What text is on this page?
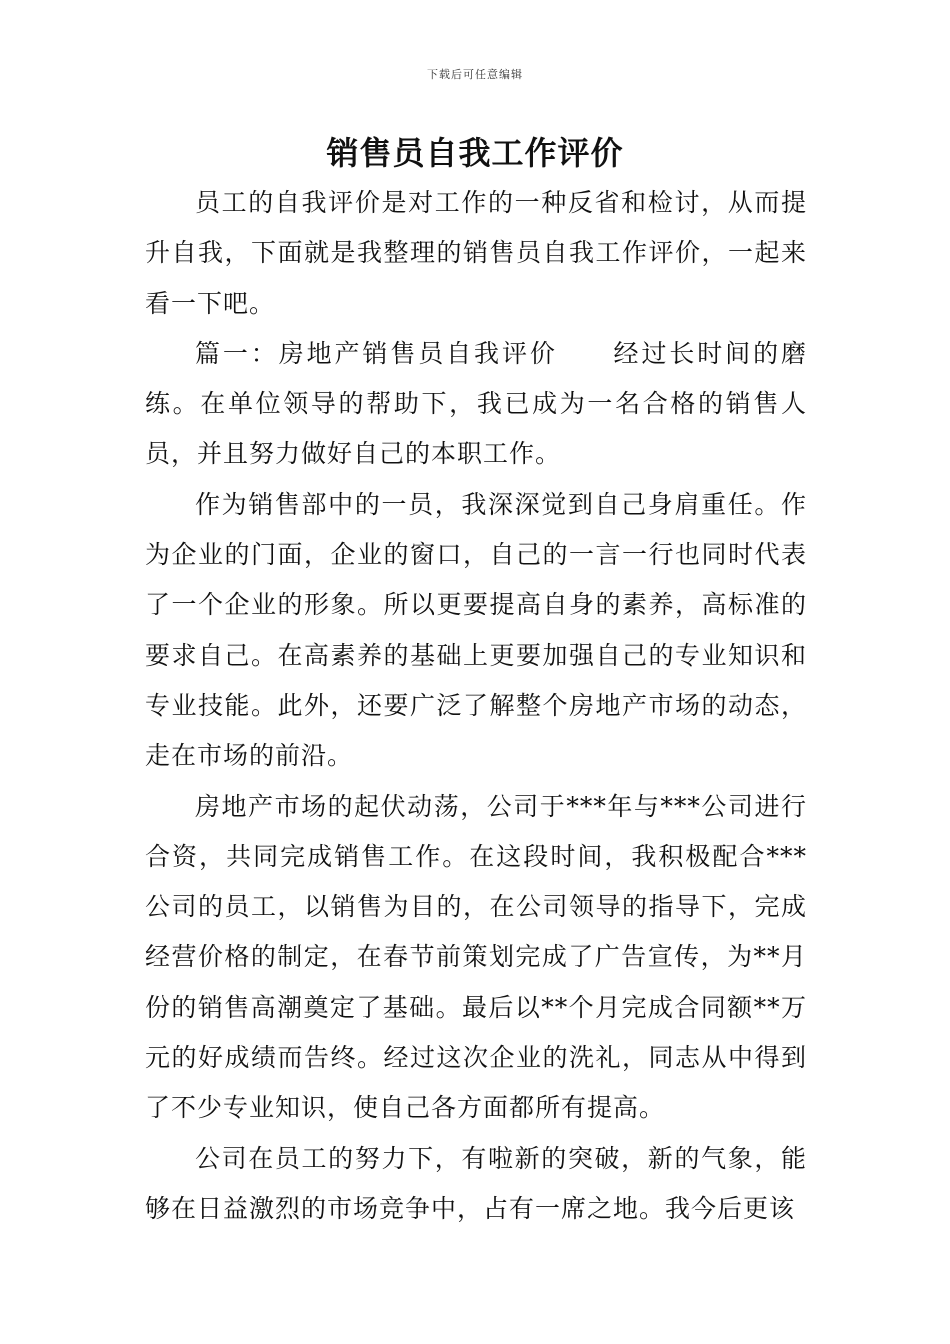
下载后可任意编辑
销售员自我工作评价

员工的自我评价是对工作的一种反省和检讨，从而提升自我，下面就是我整理的销售员自我工作评价，一起来看一下吧。

篇一：房地产销售员自我评价　　经过长时间的磨练。在单位领导的帮助下，我已成为一名合格的销售人员，并且努力做好自己的本职工作。

作为销售部中的一员，我深深觉到自己身肩重任。作为企业的门面，企业的窗口，自己的一言一行也同时代表了一个企业的形象。所以更要提高自身的素养，高标准的要求自己。在高素养的基础上更要加强自己的专业知识和专业技能。此外，还要广泛了解整个房地产市场的动态，走在市场的前沿。

房地产市场的起伏动荡，公司于***年与***公司进行合资，共同完成销售工作。在这段时间，我积极配合***公司的员工，以销售为目的，在公司领导的指导下，完成经营价格的制定，在春节前策划完成了广告宣传，为**月份的销售高潮奠定了基础。最后以**个月完成合同额**万元的好成绩而告终。经过这次企业的洗礼，同志从中得到了不少专业知识，使自己各方面都所有提高。

公司在员工的努力下，有啦新的突破，新的气象，能够在日益激烈的市场竞争中，占有一席之地。我今后更该
